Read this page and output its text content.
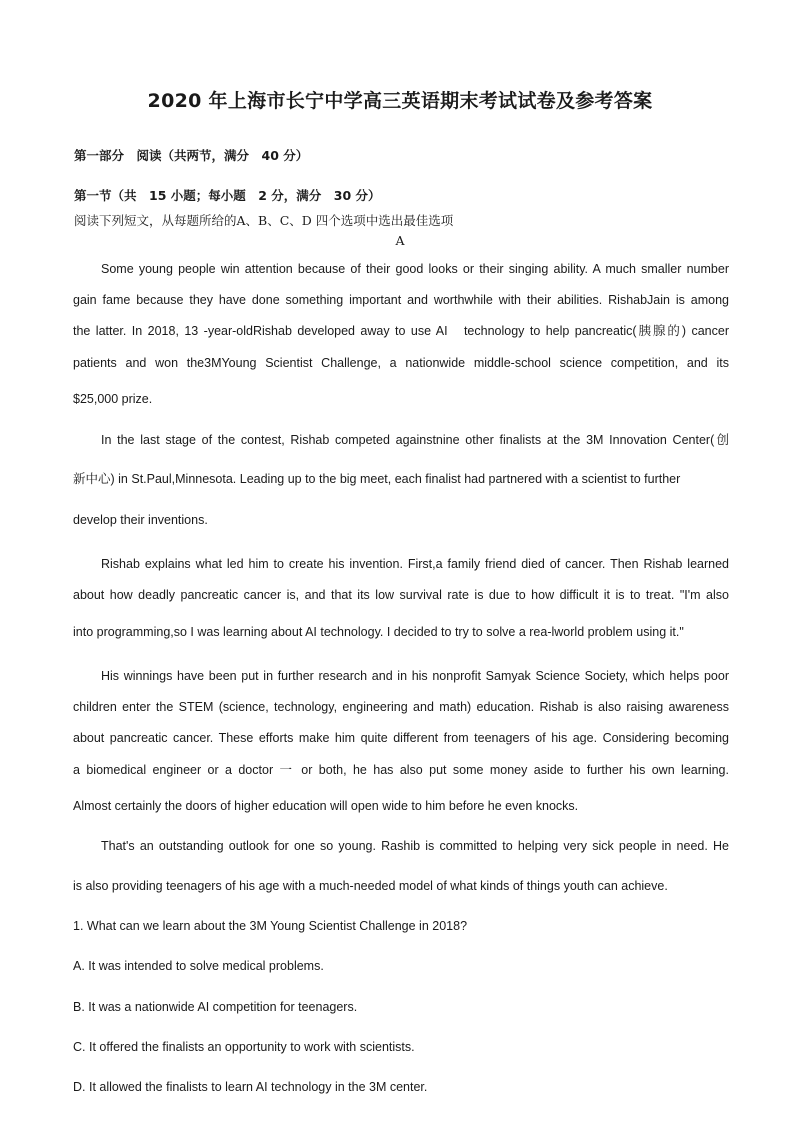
2020 年上海市长宁中学高三英语期末考试试卷及参考答案
第一部分　阅读（共两节，满分　40 分）
第一节（共　15 小题；每小题　2 分，满分　30 分）
阅读下列短文，从每题所给的A、B、C、D 四个选项中选出最佳选项
A
Some young people win attention because of their good looks or their singing ability. A much smaller number
gain fame because they have done something important and worthwhile with their abilities. RishabJain is among
the latter. In 2018, 13 -year-oldRishab developed away to use AI　technology to help pancreatic(胰腺的) cancer
patients and won the3MYoung Scientist Challenge, a nationwide middle-school science competition, and its
$25,000 prize.
In the last stage of the contest, Rishab competed againstnine other finalists at the 3M Innovation Center(创
新中心) in St.Paul,Minnesota. Leading up to the big meet, each finalist had partnered with a scientist to further
develop their inventions.
Rishab explains what led him to create his invention. First,a family friend died of cancer. Then Rishab learned
about how deadly pancreatic cancer is, and that its low survival rate is due to how difficult it is to treat. "I'm also
into programming,so I was learning about AI technology. I decided to try to solve a rea-lworld problem using it."
His winnings have been put in further research and in his nonprofit Samyak Science Society, which helps poor
children enter the STEM (science, technology, engineering and math) education. Rishab is also raising awareness
about pancreatic cancer. These efforts make him quite different from teenagers of his age. Considering becoming
a biomedical engineer or a doctor 一 or both, he has also put some money aside to further his own learning.
Almost certainly the doors of higher education will open wide to him before he even knocks.
That's an outstanding outlook for one so young. Rashib is committed to helping very sick people in need. He
is also providing teenagers of his age with a much-needed model of what kinds of things youth can achieve.
1. What can we learn about the 3M Young Scientist Challenge in 2018?
A. It was intended to solve medical problems.
B. It was a nationwide AI competition for teenagers.
C. It offered the finalists an opportunity to work with scientists.
D. It allowed the finalists to learn AI technology in the 3M center.
